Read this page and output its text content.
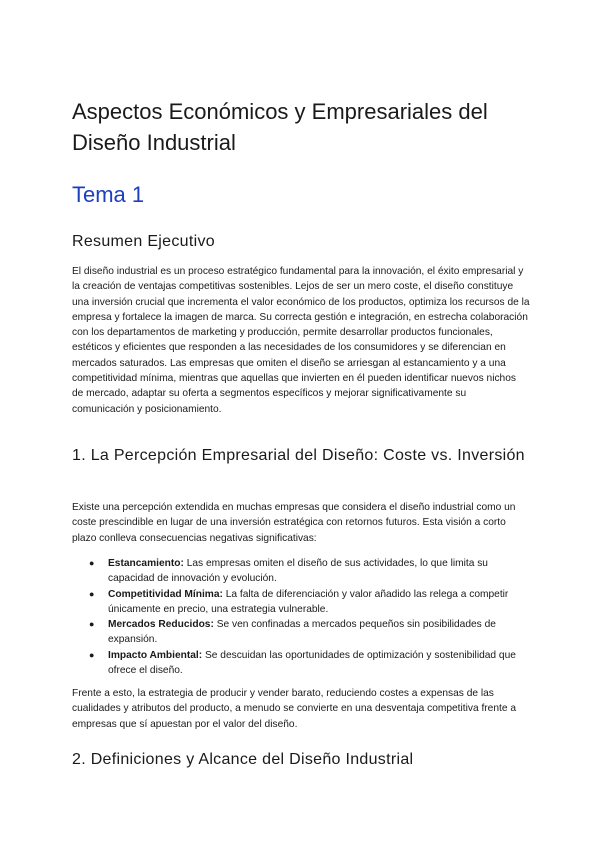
Aspectos Económicos y Empresariales del Diseño Industrial
Tema 1
Resumen Ejecutivo

El diseño industrial es un proceso estratégico fundamental para la innovación, el éxito empresarial y la creación de ventajas competitivas sostenibles. Lejos de ser un mero coste, el diseño constituye una inversión crucial que incrementa el valor económico de los productos, optimiza los recursos de la empresa y fortalece la imagen de marca. Su correcta gestión e integración, en estrecha colaboración con los departamentos de marketing y producción, permite desarrollar productos funcionales, estéticos y eficientes que responden a las necesidades de los consumidores y se diferencian en mercados saturados. Las empresas que omiten el diseño se arriesgan al estancamiento y a una competitividad mínima, mientras que aquellas que invierten en él pueden identificar nuevos nichos de mercado, adaptar su oferta a segmentos específicos y mejorar significativamente su comunicación y posicionamiento.

1. La Percepción Empresarial del Diseño: Coste vs. Inversión

Existe una percepción extendida en muchas empresas que considera el diseño industrial como un coste prescindible en lugar de una inversión estratégica con retornos futuros. Esta visión a corto plazo conlleva consecuencias negativas significativas:

● Estancamiento: Las empresas omiten el diseño de sus actividades, lo que limita su capacidad de innovación y evolución.
● Competitividad Mínima: La falta de diferenciación y valor añadido las relega a competir únicamente en precio, una estrategia vulnerable.
● Mercados Reducidos: Se ven confinadas a mercados pequeños sin posibilidades de expansión.
● Impacto Ambiental: Se descuidan las oportunidades de optimización y sostenibilidad que ofrece el diseño.

Frente a esto, la estrategia de producir y vender barato, reduciendo costes a expensas de las cualidades y atributos del producto, a menudo se convierte en una desventaja competitiva frente a empresas que sí apuestan por el valor del diseño.

2. Definiciones y Alcance del Diseño Industrial
